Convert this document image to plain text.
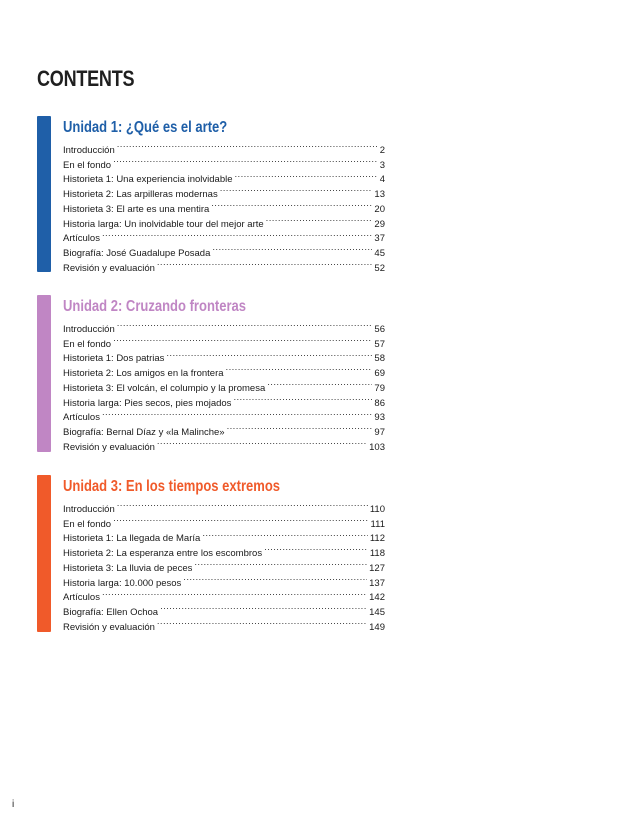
CONTENTS
Unidad 1: ¿Qué es el arte?
Introducción .....	2
En el fondo .....	3
Historieta 1: Una experiencia inolvidable .....	4
Historieta 2: Las arpilleras modernas .....	13
Historieta 3: El arte es una mentira .....	20
Historia larga: Un inolvidable tour del mejor arte .....	29
Artículos .....	37
Biografía: José Guadalupe Posada .....	45
Revisión y evaluación .....	52
Unidad 2: Cruzando fronteras
Introducción .....	56
En el fondo .....	57
Historieta 1: Dos patrias .....	58
Historieta 2: Los amigos en la frontera .....	69
Historieta 3: El volcán, el columpio y la promesa .....	79
Historia larga: Pies secos, pies mojados .....	86
Artículos .....	93
Biografía: Bernal Díaz y «la Malinche» .....	97
Revisión y evaluación .....	103
Unidad 3: En los tiempos extremos
Introducción .....	110
En el fondo .....	111
Historieta 1: La llegada de María .....	112
Historieta 2: La esperanza entre los escombros .....	118
Historieta 3: La lluvia de peces .....	127
Historia larga: 10.000 pesos .....	137
Artículos .....	142
Biografía: Ellen Ochoa .....	145
Revisión y evaluación .....	149
i
